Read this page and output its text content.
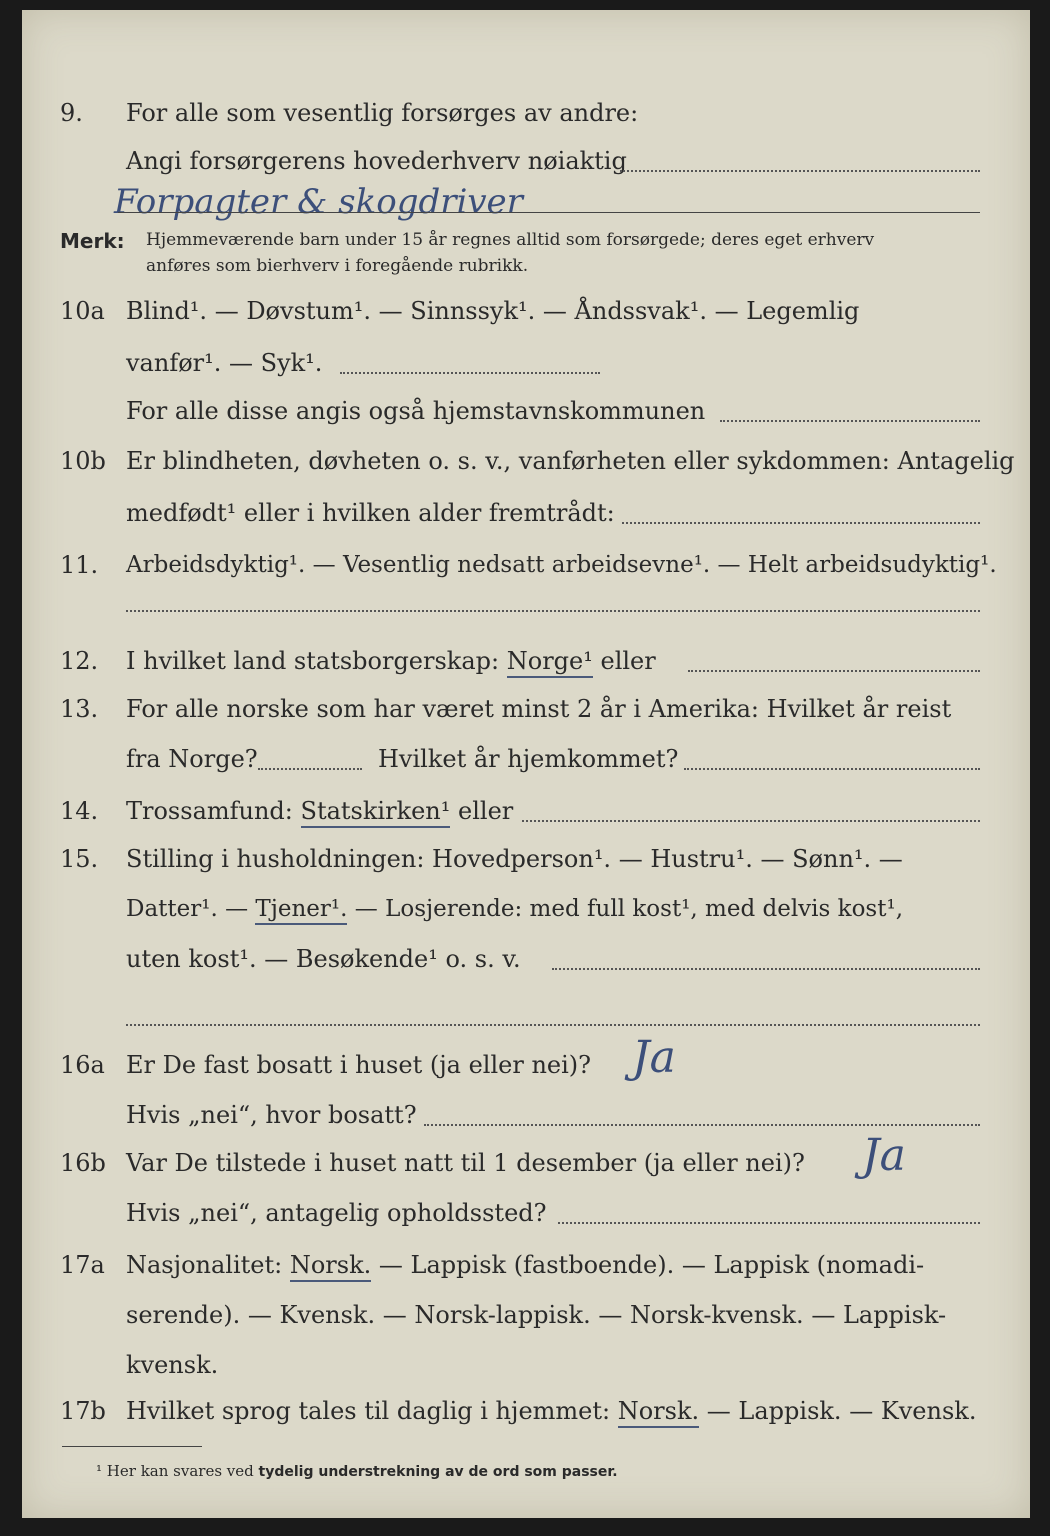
9. For alle som vesentlig forsørges av andre:
Angi forsørgerens hovederhverv nøiaktig
Forpagter & skogdriver
Merk: Hjemmeværende barn under 15 år regnes alltid som forsørgede; deres eget erhverv
anføres som bierhverv i foregående rubrikk.
10a Blind¹. — Døvstum¹. — Sinnssyk¹. — Åndssvak¹. — Legemlig
vanfør¹. — Syk¹.
For alle disse angis også hjemstavnskommunen
10b Er blindheten, døvheten o. s. v., vanførheten eller sykdommen: Antagelig
medfødt¹ eller i hvilken alder fremtrådt:
11. Arbeidsdyktig¹. — Vesentlig nedsatt arbeidsevne¹. — Helt arbeidsudyktig¹.
12. I hvilket land statsborgerskap: Norge¹ eller
13. For alle norske som har været minst 2 år i Amerika: Hvilket år reist
fra Norge?	Hvilket år hjemkommet?
14. Trossamfund: Statskirken¹ eller
15. Stilling i husholdningen: Hovedperson¹. — Hustru¹. — Sønn¹. —
Datter¹. — Tjener¹. — Losjerende: med full kost¹, med delvis kost¹,
uten kost¹. — Besøkende¹ o. s. v.
16a Er De fast bosatt i huset (ja eller nei)? Ja
Hvis „nei“, hvor bosatt?
16b Var De tilstede i huset natt til 1 desember (ja eller nei)? Ja
Hvis „nei“, antagelig opholdssted?
17a Nasjonalitet: Norsk. — Lappisk (fastboende). — Lappisk (nomadi-
serende). — Kvensk. — Norsk-lappisk. — Norsk-kvensk. — Lappisk-
kvensk.
17b Hvilket sprog tales til daglig i hjemmet: Norsk. — Lappisk. — Kvensk.
¹ Her kan svares ved tydelig understrekning av de ord som passer.
